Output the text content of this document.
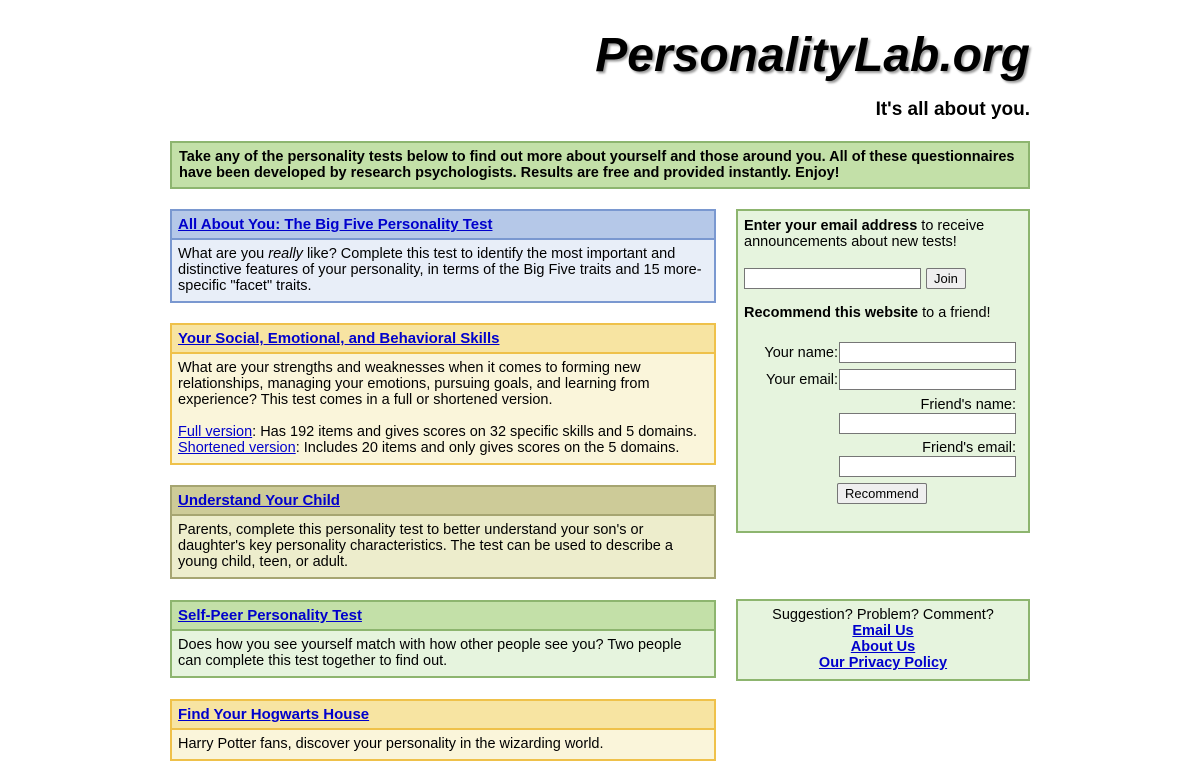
PersonalityLab.org
It's all about you.
Take any of the personality tests below to find out more about yourself and those around you. All of these questionnaires have been developed by research psychologists. Results are free and provided instantly. Enjoy!
All About You: The Big Five Personality Test

What are you really like? Complete this test to identify the most important and distinctive features of your personality, in terms of the Big Five traits and 15 more-specific "facet" traits.

Your Social, Emotional, and Behavioral Skills

What are your strengths and weaknesses when it comes to forming new relationships, managing your emotions, pursuing goals, and learning from experience? This test comes in a full or shortened version.

Full version: Has 192 items and gives scores on 32 specific skills and 5 domains.
Shortened version: Includes 20 items and only gives scores on the 5 domains.

Understand Your Child

Parents, complete this personality test to better understand your son's or daughter's key personality characteristics. The test can be used to describe a young child, teen, or adult.

Self-Peer Personality Test

Does how you see yourself match with how other people see you? Two people can complete this test together to find out.

Find Your Hogwarts House

Harry Potter fans, discover your personality in the wizarding world.

Enter your email address to receive announcements about new tests!
Join
Recommend this website to a friend!
Your name:
Your email:
Friend's name:
Friend's email:
Recommend
Suggestion? Problem? Comment?
Email Us
About Us
Our Privacy Policy
